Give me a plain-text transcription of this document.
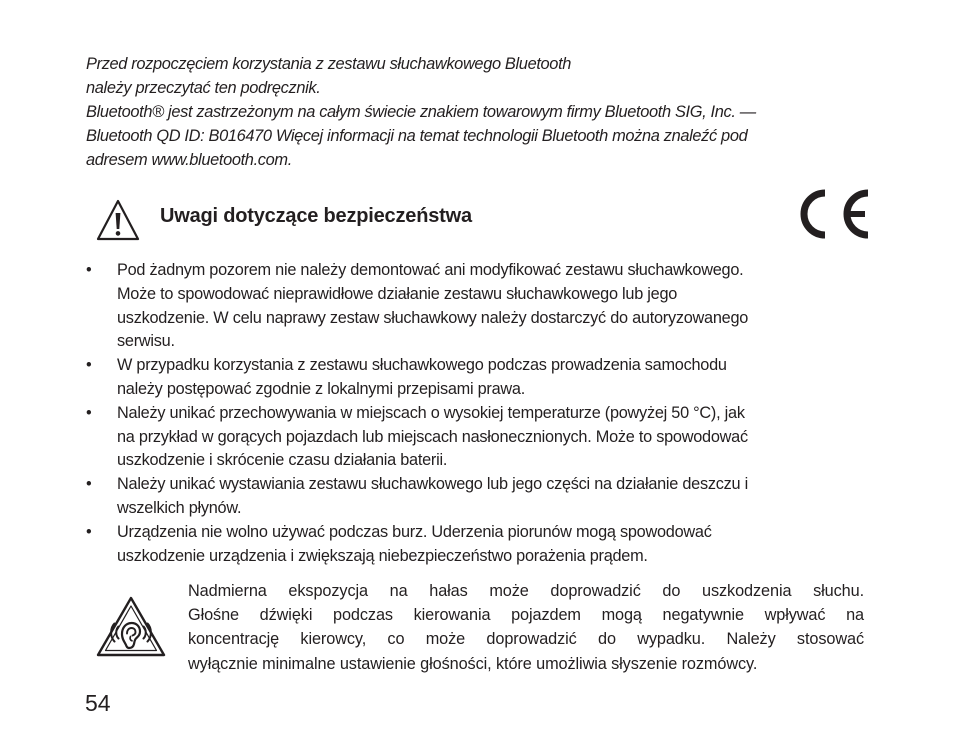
Przed rozpoczęciem korzystania z zestawu słuchawkowego Bluetooth
należy przeczytać ten podręcznik.
Bluetooth® jest zastrzeżonym na całym świecie znakiem towarowym firmy Bluetooth SIG, Inc. —
Bluetooth QD ID: B016470 Więcej informacji na temat technologii Bluetooth można znaleźć pod
adresem www.bluetooth.com.
Uwagi dotyczące bezpieczeństwa
• Pod żadnym pozorem nie należy demontować ani modyfikować zestawu słuchawkowego.
Może to spowodować nieprawidłowe działanie zestawu słuchawkowego lub jego
uszkodzenie. W celu naprawy zestaw słuchawkowy należy dostarczyć do autoryzowanego
serwisu.
• W przypadku korzystania z zestawu słuchawkowego podczas prowadzenia samochodu
należy postępować zgodnie z lokalnymi przepisami prawa.
• Należy unikać przechowywania w miejscach o wysokiej temperaturze (powyżej 50 °C), jak
na przykład w gorących pojazdach lub miejscach nasłonecznionych. Może to spowodować
uszkodzenie i skrócenie czasu działania baterii.
• Należy unikać wystawiania zestawu słuchawkowego lub jego części na działanie deszczu i
wszelkich płynów.
• Urządzenia nie wolno używać podczas burz. Uderzenia piorunów mogą spowodować
uszkodzenie urządzenia i zwiększają niebezpieczeństwo porażenia prądem.
Nadmierna ekspozycja na hałas może doprowadzić do uszkodzenia słuchu.
Głośne dźwięki podczas kierowania pojazdem mogą negatywnie wpływać na
koncentrację kierowcy, co może doprowadzić do wypadku. Należy stosować
wyłącznie minimalne ustawienie głośności, które umożliwia słyszenie rozmówcy.
54
